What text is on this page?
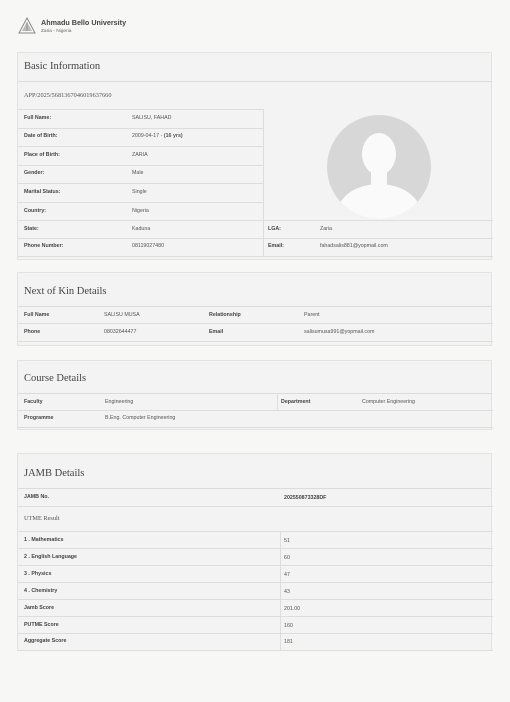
Ahmadu Bello University
Zaria - Nigeria
Basic Information
APP/2025/5681367046019637660
Full Name:	SALISU, FAHAD
Date of Birth:	2009-04-17 - (16 yrs)
Place of Birth:	ZARIA
Gender:	Male
Marital Status:	Single
Country:	Nigeria
State:	Kaduna	LGA:	Zaria
Phone Number:	08119027480	Email:	fahadsalis881@yopmail.com
Next of Kin Details
Full Name	SALISU MUSA	Relationship	Parent
Phone	08032644477	Email	salisumusa991@yopmail.com
Course Details
Faculty	Engineering	Department	Computer Engineering
Programme	B.Eng. Computer Engineering
JAMB Details
JAMB No.	202550873328DF
UTME Result
1 . Mathematics	51
2 . English Language	60
3 . Physics	47
4 . Chemistry	43
Jamb Score	201.00
PUTME Score	160
Aggregate Score	181
